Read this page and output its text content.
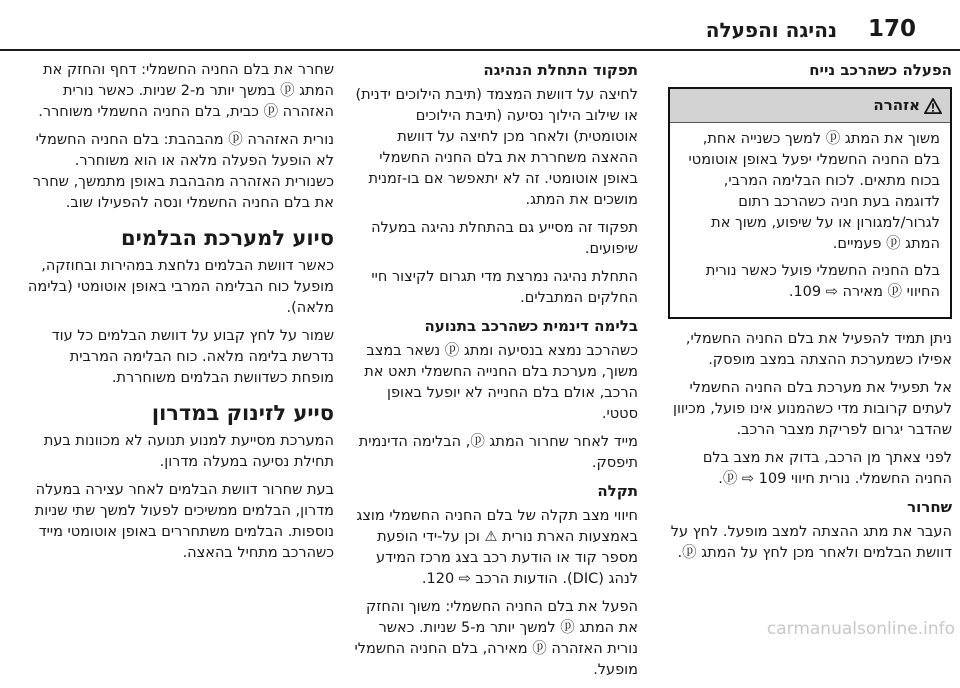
170
נהיגה והפעלה
הפעלה כשהרכב נייח
אזהרה

משוך את המתג ⓟ למשך כשנייה אחת, בלם החניה החשמלי יפעל באופן אוטומטי בכוח מתאים. לכוח הבלימה המרבי, לדוגמה בעת חניה כשהרכב רתום לגרור/למגורון או על שיפוע, משוך את המתג ⓟ פעמיים.

בלם החניה החשמלי פועל כאשר נורית החיווי ⓟ מאירה ⇨ 109.

ניתן תמיד להפעיל את בלם החניה החשמלי, אפילו כשמערכת ההצתה במצב מופסק.

אל תפעיל את מערכת בלם החניה החשמלי לעתים קרובות מדי כשהמנוע אינו פועל, מכיוון שהדבר יגרום לפריקת מצבר הרכב.

לפני צאתך מן הרכב, בדוק את מצב בלם החניה החשמלי. נורית חיווי ⓟ ⇨ 109.

שחרור

העבר את מתג ההצתה למצב מופעל. לחץ על דוושת הבלמים ולאחר מכן לחץ על המתג ⓟ.

תפקוד התחלת הנהיגה

לחיצה על דוושת המצמד (תיבת הילוכים ידנית) או שילוב הילוך נסיעה (תיבת הילוכים אוטומטית) ולאחר מכן לחיצה על דוושת ההאצה משחררת את בלם החניה החשמלי באופן אוטומטי. זה לא יתאפשר אם בו-זמנית מושכים את המתג.

תפקוד זה מסייע גם בהתחלת נהיגה במעלה שיפועים.

התחלת נהיגה נמרצת מדי תגרום לקיצור חיי החלקים המתבלים.

בלימה דינמית כשהרכב בתנועה

כשהרכב נמצא בנסיעה ומתג ⓟ נשאר במצב משוך, מערכת בלם החנייה החשמלי תאט את הרכב, אולם בלם החנייה לא יופעל באופן סטטי.

מייד לאחר שחרור המתג ⓟ, הבלימה הדינמית תיפסק.

תקלה

חיווי מצב תקלה של בלם החניה החשמלי מוצג באמצעות הארת נורית ⚠ וכן על-ידי הופעת מספר קוד או הודעת רכב בצג מרכז המידע לנהג (DIC). הודעות הרכב ⇨ 120.

הפעל את בלם החניה החשמלי: משוך והחזק את המתג ⓟ למשך יותר מ-5 שניות. כאשר נורית האזהרה ⓟ מאירה, בלם החניה החשמלי מופעל.

שחרר את בלם החניה החשמלי: דחף והחזק את המתג ⓟ במשך יותר מ-2 שניות. כאשר נורית האזהרה ⓟ כבית, בלם החניה החשמלי משוחרר.

נורית האזהרה ⓟ מהבהבת: בלם החניה החשמלי לא הופעל הפעלה מלאה או הוא משוחרר. כשנורית האזהרה מהבהבת באופן מתמשך, שחרר את בלם החניה החשמלי ונסה להפעילו שוב.

סיוע למערכת הבלמים

כאשר דוושת הבלמים נלחצת במהירות ובחוזקה, מופעל כוח הבלימה המרבי באופן אוטומטי (בלימה מלאה).

שמור על לחץ קבוע על דוושת הבלמים כל עוד נדרשת בלימה מלאה. כוח הבלימה המרבית מופחת כשדוושת הבלמים משוחררת.

סייע לזינוק במדרון

המערכת מסייעת למנוע תנועה לא מכוונות בעת תחילת נסיעה במעלה מדרון.

בעת שחרור דוושת הבלמים לאחר עצירה במעלה מדרון, הבלמים ממשיכים לפעול למשך שתי שניות נוספות. הבלמים משתחררים באופן אוטומטי מייד כשהרכב מתחיל בהאצה.

carmanualsonline.info
